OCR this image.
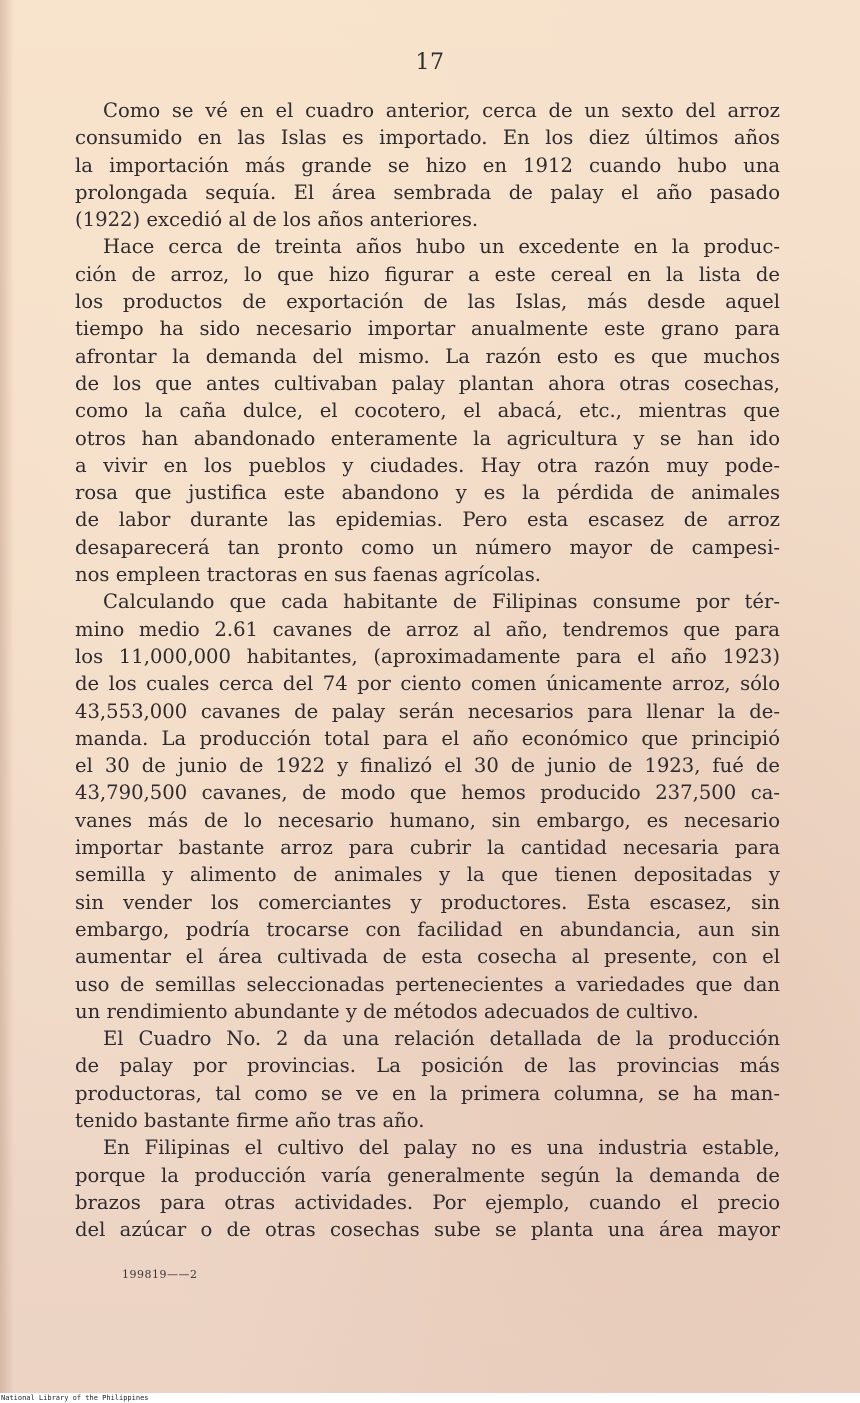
17
Como se vé en el cuadro anterior, cerca de un sexto del arroz
consumido en las Islas es importado. En los diez últimos años
la importación más grande se hizo en 1912 cuando hubo una
prolongada sequía. El área sembrada de palay el año pasado
(1922) excedió al de los años anteriores.
Hace cerca de treinta años hubo un excedente en la produc-
ción de arroz, lo que hizo figurar a este cereal en la lista de
los productos de exportación de las Islas, más desde aquel
tiempo ha sido necesario importar anualmente este grano para
afrontar la demanda del mismo. La razón esto es que muchos
de los que antes cultivaban palay plantan ahora otras cosechas,
como la caña dulce, el cocotero, el abacá, etc., mientras que
otros han abandonado enteramente la agricultura y se han ido
a vivir en los pueblos y ciudades. Hay otra razón muy pode-
rosa que justifica este abandono y es la pérdida de animales
de labor durante las epidemias. Pero esta escasez de arroz
desaparecerá tan pronto como un número mayor de campesi-
nos empleen tractoras en sus faenas agrícolas.
Calculando que cada habitante de Filipinas consume por tér-
mino medio 2.61 cavanes de arroz al año, tendremos que para
los 11,000,000 habitantes, (aproximadamente para el año 1923)
de los cuales cerca del 74 por ciento comen únicamente arroz, sólo
43,553,000 cavanes de palay serán necesarios para llenar la de-
manda. La producción total para el año económico que principió
el 30 de junio de 1922 y finalizó el 30 de junio de 1923, fué de
43,790,500 cavanes, de modo que hemos producido 237,500 ca-
vanes más de lo necesario humano, sin embargo, es necesario
importar bastante arroz para cubrir la cantidad necesaria para
semilla y alimento de animales y la que tienen depositadas y
sin vender los comerciantes y productores. Esta escasez, sin
embargo, podría trocarse con facilidad en abundancia, aun sin
aumentar el área cultivada de esta cosecha al presente, con el
uso de semillas seleccionadas pertenecientes a variedades que dan
un rendimiento abundante y de métodos adecuados de cultivo.
El Cuadro No. 2 da una relación detallada de la producción
de palay por provincias. La posición de las provincias más
productoras, tal como se ve en la primera columna, se ha man-
tenido bastante firme año tras año.
En Filipinas el cultivo del palay no es una industria estable,
porque la producción varía generalmente según la demanda de
brazos para otras actividades. Por ejemplo, cuando el precio
del azúcar o de otras cosechas sube se planta una área mayor
199819——2
National Library of the Philippines
